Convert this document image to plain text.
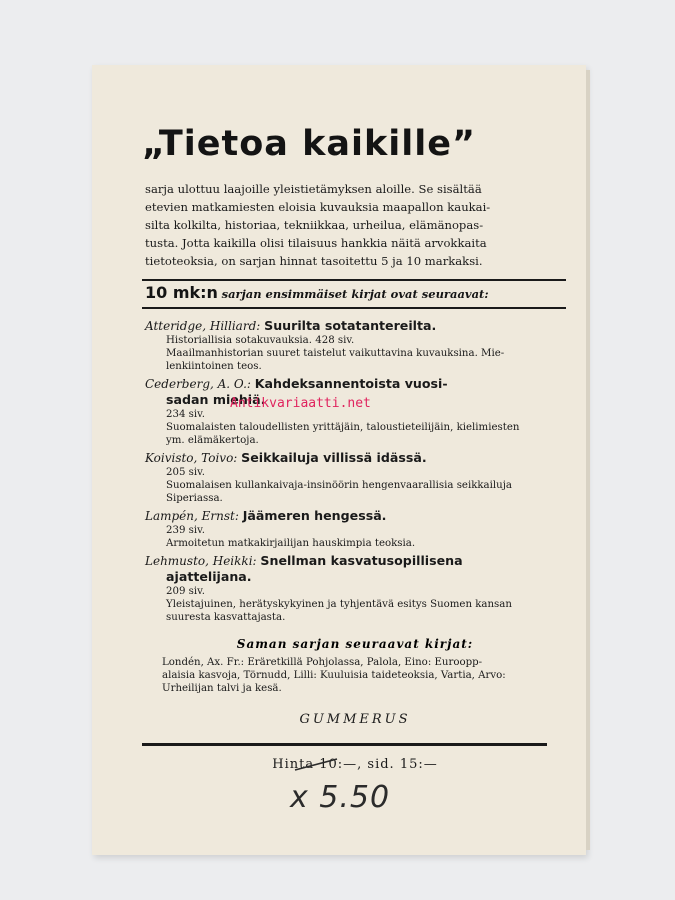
„Tietoa kaikille”
sarja ulottuu laajoille yleistietämyksen aloille. Se sisältää
etevien matkamiesten eloisia kuvauksia maapallon kaukai-
silta kolkilta, historiaa, tekniikkaa, urheilua, elämänopas-
tusta. Jotta kaikilla olisi tilaisuus hankkia näitä arvokkaita
tietoteoksia, on sarjan hinnat tasoitettu 5 ja 10 markaksi.
10 mk:n sarjan ensimmäiset kirjat ovat seuraavat:
Atteridge, Hilliard: Suurilta sotatantereilta.
Historiallisia sotakuvauksia. 428 siv.
Maailmanhistorian suuret taistelut vaikuttavina kuvauksina. Mie-
lenkiintoinen teos.
Cederberg, A. O.: Kahdeksannentoista vuosi-
sadan miehiä.
234 siv.
Suomalaisten taloudellisten yrittäjäin, taloustieteilijäin, kielimiesten
ym. elämäkertoja.
Koivisto, Toivo: Seikkailuja villissä idässä.
205 siv.
Suomalaisen kullankaivaja-insinöörin hengenvaarallisia seikkailuja
Siperiassa.
Lampén, Ernst: Jäämeren hengessä.
239 siv.
Armoitetun matkakirjailijan hauskimpia teoksia.
Lehmusto, Heikki: Snellman kasvatusopillisena
ajattelijana.
209 siv.
Yleistajuinen, herätyskykyinen ja tyhjentävä esitys Suomen kansan
suuresta kasvattajasta.
Saman sarjan seuraavat kirjat:
Londén, Ax. Fr.: Eräretkillä Pohjolassa, Palola, Eino: Euroopp-
alaisia kasvoja, Törnudd, Lilli: Kuuluisia taideteoksia, Vartia, Arvo:
Urheilijan talvi ja kesä.
GUMMERUS
Hinta 10:—, sid. 15:—
x 5.50
Antikvariaatti.net
